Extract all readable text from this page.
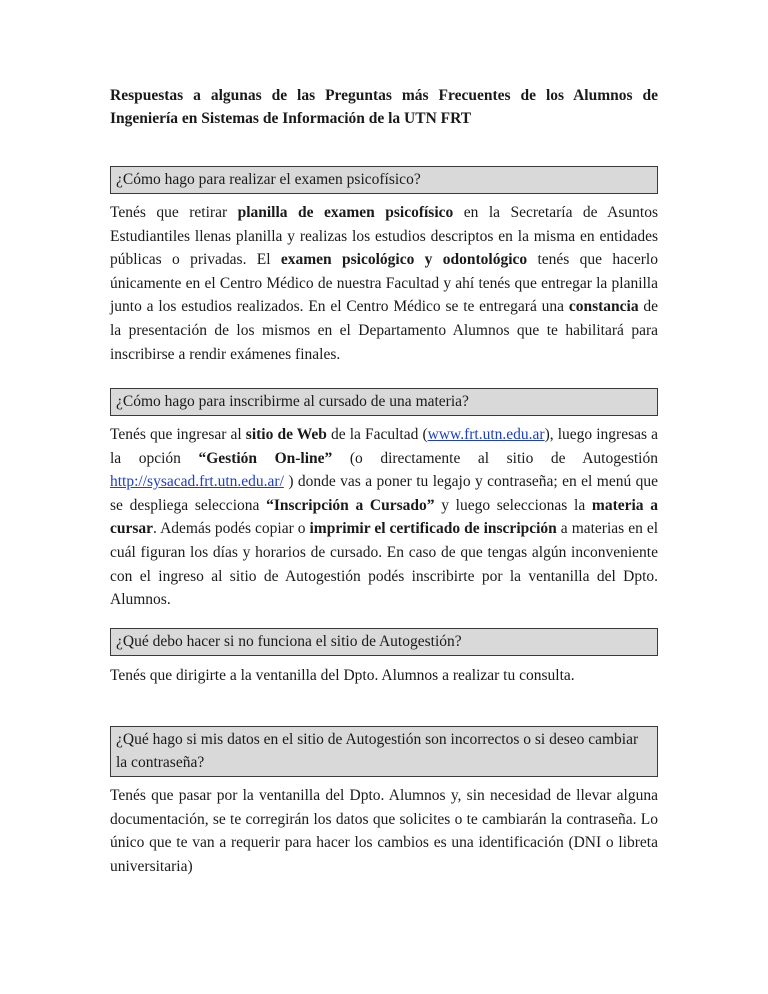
Respuestas a algunas de las Preguntas más Frecuentes de los Alumnos de Ingeniería en Sistemas de Información de la UTN FRT
¿Cómo hago para realizar el examen psicofísico?
Tenés que retirar planilla de examen psicofísico en la Secretaría de Asuntos Estudiantiles llenas planilla y realizas los estudios descriptos en la misma en entidades públicas o privadas. El examen psicológico y odontológico tenés que hacerlo únicamente en el Centro Médico de nuestra Facultad y ahí tenés que entregar la planilla junto a los estudios realizados. En el Centro Médico se te entregará una constancia de la presentación de los mismos en el Departamento Alumnos que te habilitará para inscribirse a rendir exámenes finales.
¿Cómo hago para inscribirme al cursado de una materia?
Tenés que ingresar al sitio de Web de la Facultad (www.frt.utn.edu.ar), luego ingresas a la opción “Gestión On-line” (o directamente al sitio de Autogestión http://sysacad.frt.utn.edu.ar/ ) donde vas a poner tu legajo y contraseña; en el menú que se despliega selecciona “Inscripción a Cursado” y luego seleccionas la materia a cursar. Además podés copiar o imprimir el certificado de inscripción a materias en el cuál figuran los días y horarios de cursado. En caso de que tengas algún inconveniente con el ingreso al sitio de Autogestión podés inscribirte por la ventanilla del Dpto. Alumnos.
¿Qué debo hacer si no funciona el sitio de Autogestión?
Tenés que dirigirte a la ventanilla del Dpto. Alumnos a realizar tu consulta.
¿Qué hago si mis datos en el sitio de Autogestión son incorrectos o si deseo cambiar la contraseña?
Tenés que pasar por la ventanilla del Dpto. Alumnos y, sin necesidad de llevar alguna documentación, se te corregirán los datos que solicites o te cambiarán la contraseña. Lo único que te van a requerir para hacer los cambios es una identificación (DNI o libreta universitaria)
